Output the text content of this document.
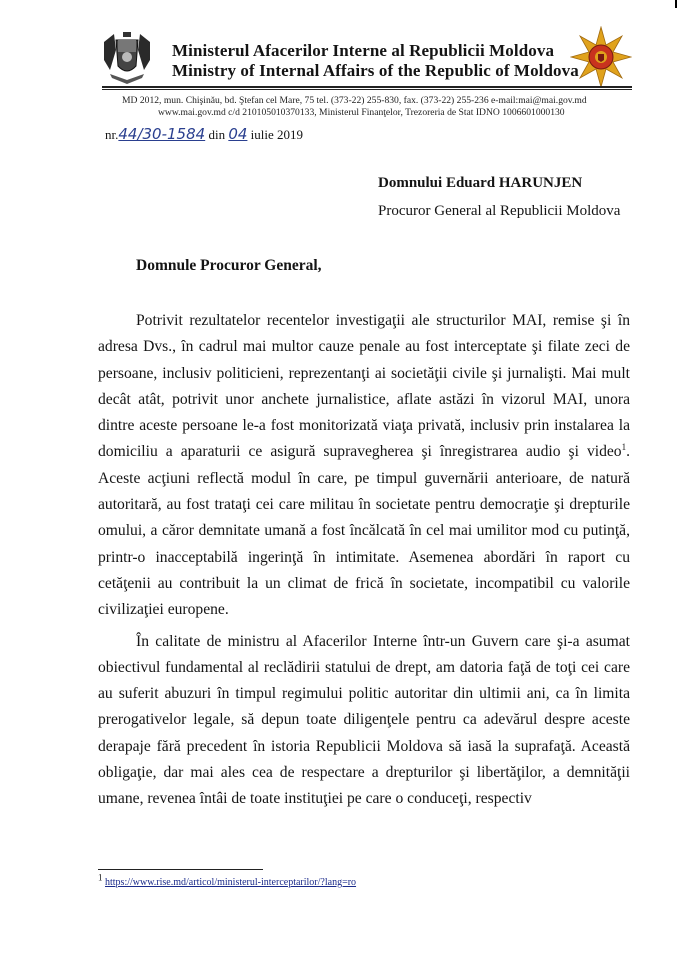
Ministerul Afacerilor Interne al Republicii Moldova
Ministry of Internal Affairs of the Republic of Moldova
MD 2012, mun. Chişinău, bd. Ştefan cel Mare, 75 tel. (373-22) 255-830, fax. (373-22) 255-236 e-mail:mai@mai.gov.md
www.mai.gov.md c/d 2101050103701​33, Ministerul Finanţelor, Trezoreria de Stat IDNO 1006601000130
nr.44/30-1584 din 04 iulie 2019
Domnului Eduard HARUNJEN
Procuror General al Republicii Moldova
Domnule Procuror General,

Potrivit rezultatelor recentelor investigaţii ale structurilor MAI, remise şi în adresa Dvs., în cadrul mai multor cauze penale au fost interceptate şi filate zeci de persoane, inclusiv politicieni, reprezentanţi ai societăţii civile şi jurnalişti. Mai mult decât atât, potrivit unor anchete jurnalistice, aflate astăzi în vizorul MAI, unora dintre aceste persoane le-a fost monitorizată viaţa privată, inclusiv prin instalarea la domiciliu a aparaturii ce asigură supravegherea şi înregistrarea audio şi video$^1$. Aceste acţiuni reflectă modul în care, pe timpul guvernării anterioare, de natură autoritară, au fost trataţi cei care militau în societate pentru democraţie şi drepturile omului, a căror demnitate umană a fost încălcată în cel mai umilitor mod cu putinţă, printr-o inacceptabilă ingerinţă în intimitate. Asemenea abordări în raport cu cetăţenii au contribuit la un climat de frică în societate, incompatibil cu valorile civilizaţiei europene.

În calitate de ministru al Afacerilor Interne într-un Guvern care şi-a asumat obiectivul fundamental al reclădirii statului de drept, am datoria faţă de toţi cei care au suferit abuzuri în timpul regimului politic autoritar din ultimii ani, ca în limita prerogativelor legale, să depun toate diligenţele pentru ca adevărul despre aceste derapaje fără precedent în istoria Republicii Moldova să iasă la suprafaţă. Această obligaţie, dar mai ales cea de respectare a drepturilor şi libertăţilor, a demnităţii umane, revenea întâi de toate instituţiei pe care o conduceţi, respectiv

$^1$ https://www.rise.md/articol/ministerul-interceptarilor/?lang=ro
